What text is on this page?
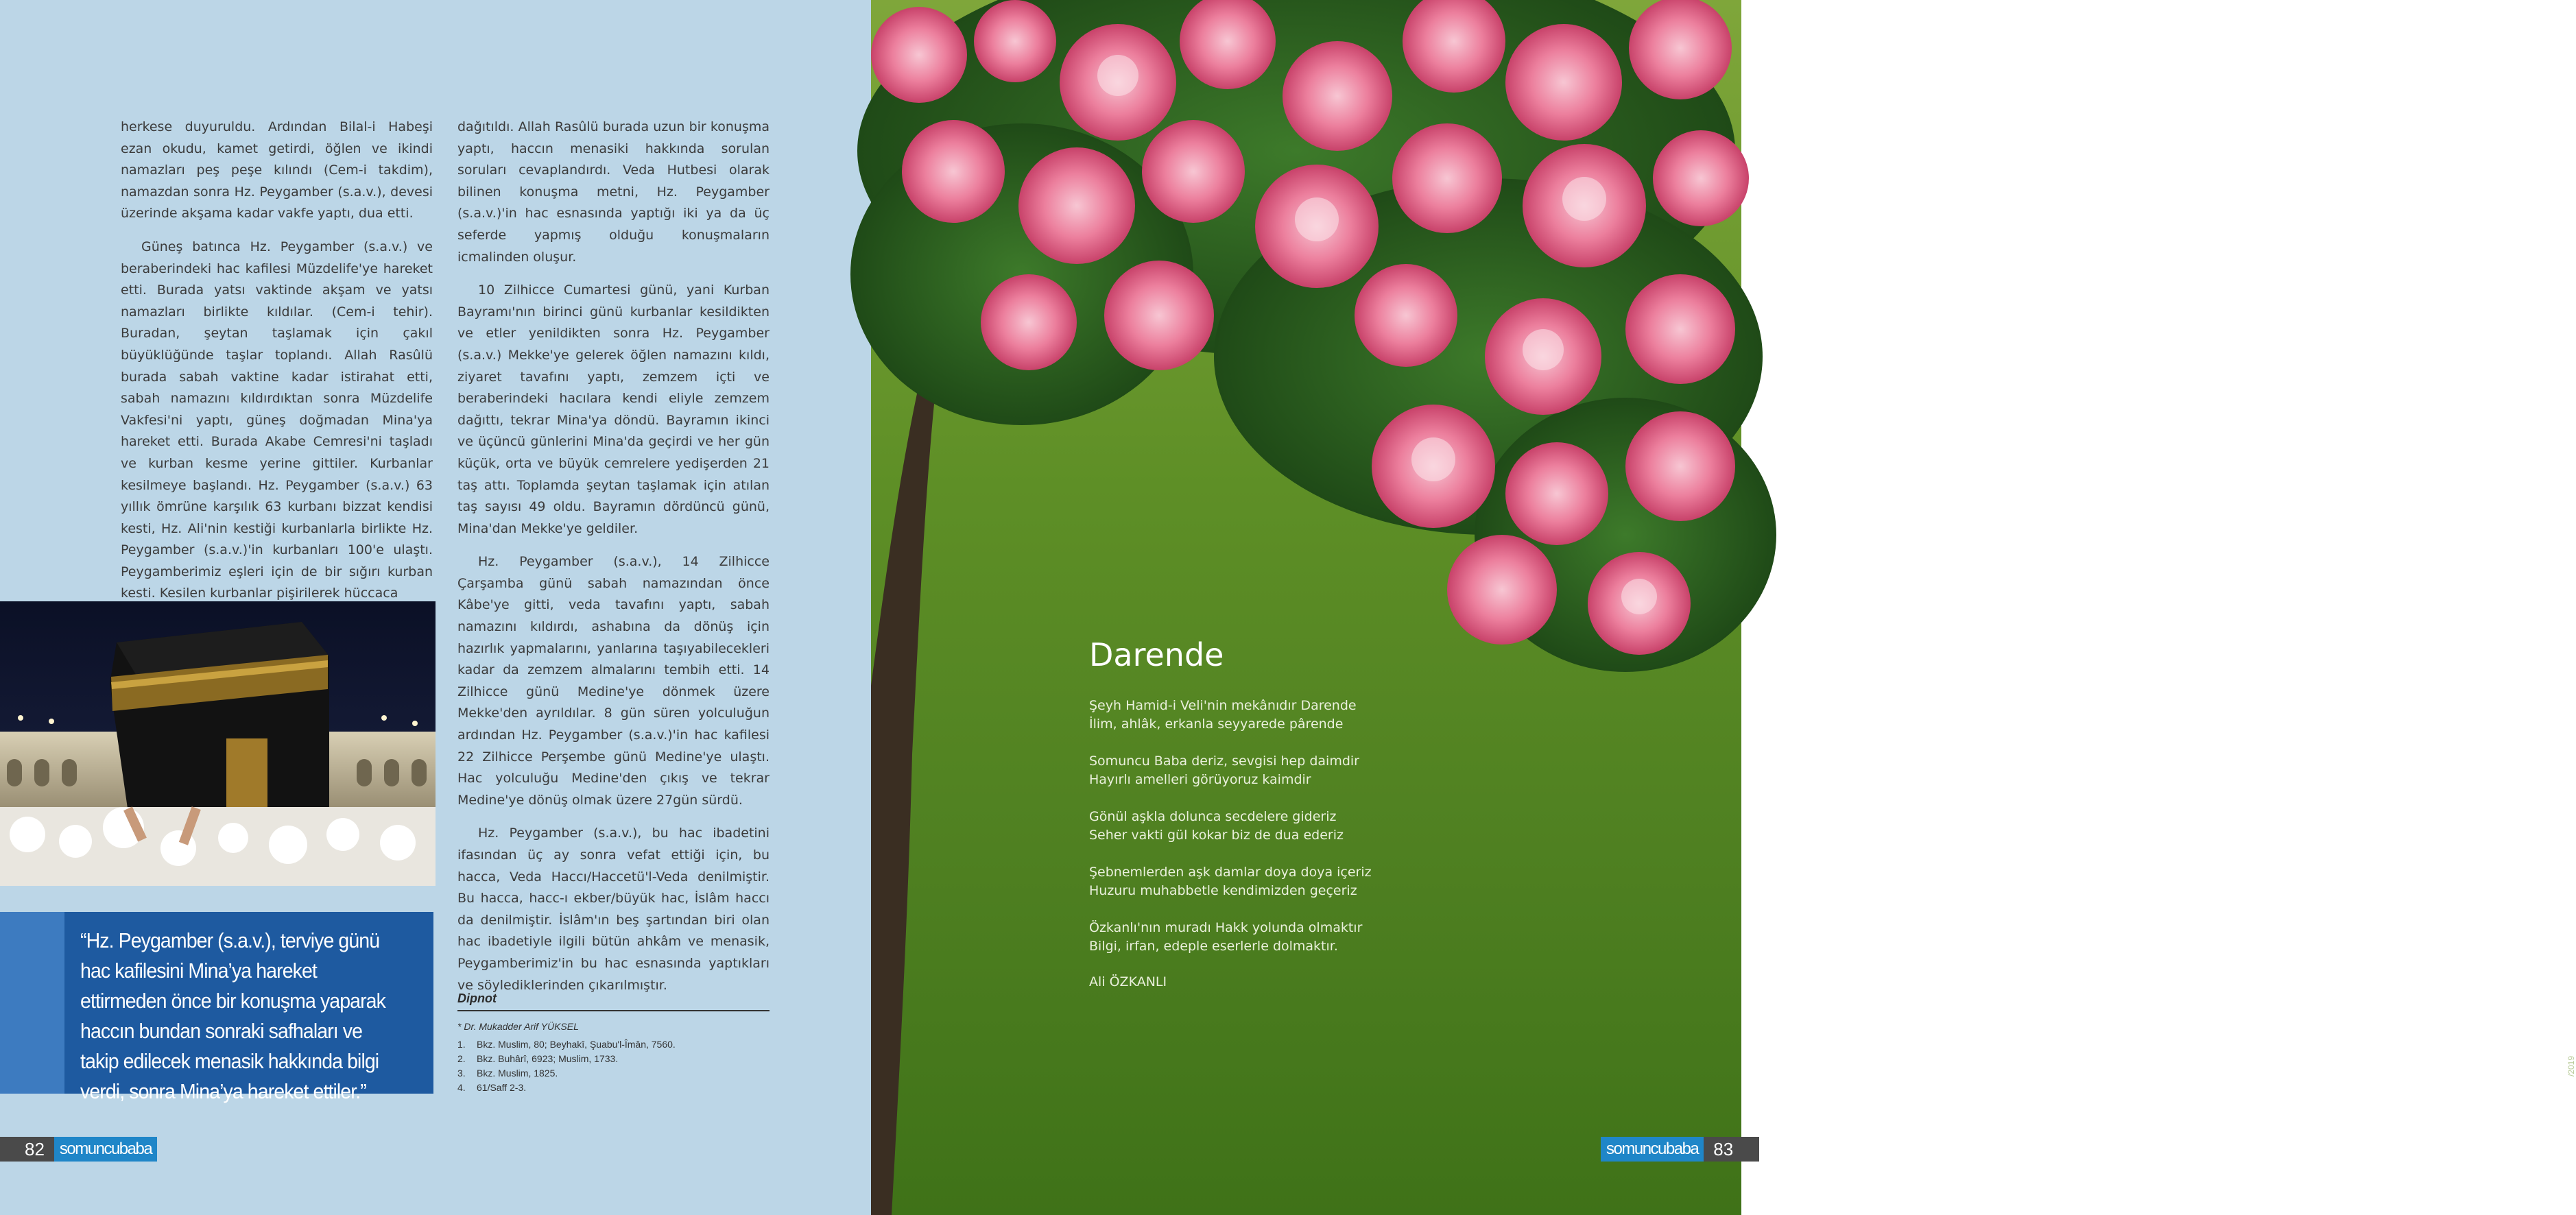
herkese duyuruldu. Ardından Bilal-i Habeşi ezan okudu, kamet getirdi, öğlen ve ikindi namazları peş peşe kılındı (Cem-i takdim), namazdan sonra Hz. Peygamber (s.a.v.), devesi üzerinde akşama kadar vakfe yaptı, dua etti.

Güneş batınca Hz. Peygamber (s.a.v.) ve beraberindeki hac kafilesi Müzdelife'ye hareket etti. Burada yatsı vaktinde akşam ve yatsı namazları birlikte kıldılar. (Cem-i tehir). Buradan, şeytan taşlamak için çakıl büyüklüğünde taşlar toplandı. Allah Rasûlü burada sabah vaktine kadar istirahat etti, sabah namazını kıldırdıktan sonra Müzdelife Vakfesi'ni yaptı, güneş doğmadan Mina'ya hareket etti. Burada Akabe Cemresi'ni taşladı ve kurban kesme yerine gittiler. Kurbanlar kesilmeye başlandı. Hz. Peygamber (s.a.v.) 63 yıllık ömrüne karşılık 63 kurbanı bizzat kendisi kesti, Hz. Ali'nin kestiği kurbanlarla birlikte Hz. Peygamber (s.a.v.)'in kurbanları 100'e ulaştı. Peygamberimiz eşleri için de bir sığırı kurban kesti. Kesilen kurbanlar pişirilerek hüccaca

dağıtıldı. Allah Rasûlü burada uzun bir konuşma yaptı, haccın menasiki hakkında sorulan soruları cevaplandırdı. Veda Hutbesi olarak bilinen konuşma metni, Hz. Peygamber (s.a.v.)'in hac esnasında yaptığı iki ya da üç seferde yapmış olduğu konuşmaların icmalinden oluşur.

10 Zilhicce Cumartesi günü, yani Kurban Bayramı'nın birinci günü kurbanlar kesildikten ve etler yenildikten sonra Hz. Peygamber (s.a.v.) Mekke'ye gelerek öğlen namazını kıldı, ziyaret tavafını yaptı, zemzem içti ve beraberindeki hacılara kendi eliyle zemzem dağıttı, tekrar Mina'ya döndü. Bayramın ikinci ve üçüncü günlerini Mina'da geçirdi ve her gün küçük, orta ve büyük cemrelere yedişerden 21 taş attı. Toplamda şeytan taşlamak için atılan taş sayısı 49 oldu. Bayramın dördüncü günü, Mina'dan Mekke'ye geldiler.

Hz. Peygamber (s.a.v.), 14 Zilhicce Çarşamba günü sabah namazından önce Kâbe'ye gitti, veda tavafını yaptı, sabah namazını kıldırdı, ashabına da dönüş için hazırlık yapmalarını, yanlarına taşıyabilecekleri kadar da zemzem almalarını tembih etti. 14 Zilhicce günü Medine'ye dönmek üzere Mekke'den ayrıldılar. 8 gün süren yolculuğun ardından Hz. Peygamber (s.a.v.)'in hac kafilesi 22 Zilhicce Perşembe günü Medine'ye ulaştı. Hac yolculuğu Medine'den çıkış ve tekrar Medine'ye dönüş olmak üzere 27gün sürdü.

Hz. Peygamber (s.a.v.), bu hac ibadetini ifasından üç ay sonra vefat ettiği için, bu hacca, Veda Haccı/Haccetü'l-Veda denilmiştir. Bu hacca, hacc-ı ekber/büyük hac, İslâm haccı da denilmiştir. İslâm'ın beş şartından biri olan hac ibadetiyle ilgili bütün ahkâm ve menasik, Peygamberimiz'in bu hac esnasında yaptıkları ve söylediklerinden çıkarılmıştır.

“Hz. Peygamber (s.a.v.), terviye günü hac kafilesini Mina’ya hareket ettirmeden önce bir konuşma yaparak haccın bundan sonraki safhaları ve takip edilecek menasik hakkında bilgi verdi, sonra Mina’ya hareket ettiler.”
Dipnot
* Dr. Mukadder Arif YÜKSEL
1.	Bkz. Muslim, 80; Beyhakî, Şuabu'l-Îmân, 7560.
2.	Bkz. Buhârî, 6923; Muslim, 1733.
3.	Bkz. Muslim, 1825.
4.	61/Saff 2-3.
82 somuncubaba
/2019
Darende
Şeyh Hamid-i Veli'nin mekânıdır Darende
İlim, ahlâk, erkanla seyyarede pârende
Somuncu Baba deriz, sevgisi hep daimdir
Hayırlı amelleri görüyoruz kaimdir
Gönül aşkla dolunca secdelere gideriz
Seher vakti gül kokar biz de dua ederiz
Şebnemlerden aşk damlar doya doya içeriz
Huzuru muhabbetle kendimizden geçeriz
Özkanlı'nın muradı Hakk yolunda olmaktır
Bilgi, irfan, edeple eserlerle dolmaktır.
Ali ÖZKANLI
somuncubaba 83
